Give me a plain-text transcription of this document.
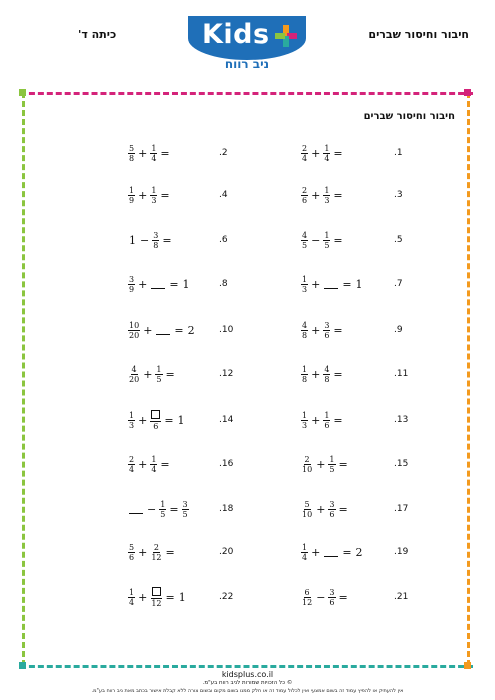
חיבור וחיסור שברים
כיתה ד'	Kids
ניב רווח
חיבור וחיסור שברים
.1
$\frac{2}{4} + \frac{1}{4}$ =
.2
$\frac{5}{8} + \frac{1}{4}$ =
.3
$\frac{2}{6} + \frac{1}{3}$ =
.4
$\frac{1}{9} + \frac{1}{3}$ =
.5
$\frac{4}{5} - \frac{1}{5}$ =
.6
$1 - \frac{3}{8}$ =
.7
$\frac{1}{3}$ + = 1
.8
$\frac{3}{9}$ + = 1
.9
$\frac{4}{8} + \frac{3}{6}$ =
.10
$\frac{10}{20}$ + = 2
.11
$\frac{1}{8} + \frac{4}{8}$ =
.12
$\frac{4}{20} + \frac{1}{5}$ =
.13
$\frac{1}{3} + \frac{1}{6}$ =
.14
$\frac{1}{3} + 6 = 1$
.15
$\frac{2}{10} + \frac{1}{5}$ =
.16
$\frac{2}{4} + \frac{1}{4}$ =
.17
$\frac{5}{10} + \frac{3}{6}$ =
.18
− $\frac{1}{5} = \frac{3}{5}$
.19
$\frac{1}{4}$ + = 2
.20
$\frac{5}{6} + \frac{2}{12}$ =
.21
$\frac{6}{12} - \frac{3}{6}$ =
.22
$\frac{1}{4} + 12 = 1$
kidsplus.co.il
© כל הזכויות שמורות לניב רווח בע"מ.
אין להעתיק או להפיץ עמוד זה בשום אמצעי ואין לכלול עמוד זה או חלק ממנו בשום מקום ובשום צורה ללא קבלת אישור בכתב מאת ניב רווח בע"מ.
